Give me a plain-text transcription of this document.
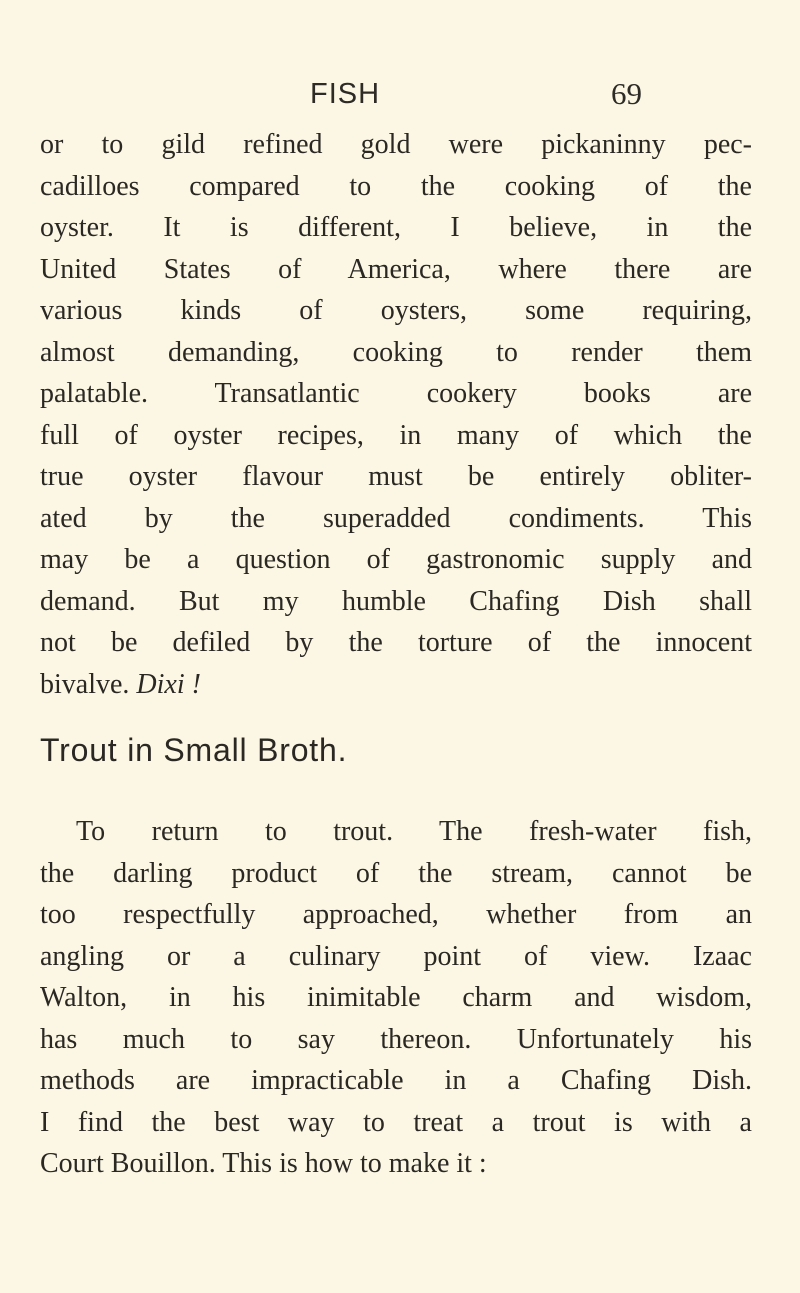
FISH	69
or to gild refined gold were pickaninny pec-
cadilloes compared to the cooking of the
oyster. It is different, I believe, in the
United States of America, where there are
various kinds of oysters, some requiring,
almost demanding, cooking to render them
palatable. Transatlantic cookery books are
full of oyster recipes, in many of which the
true oyster flavour must be entirely obliter-
ated by the superadded condiments. This
may be a question of gastronomic supply and
demand. But my humble Chafing Dish shall
not be defiled by the torture of the innocent
bivalve. Dixi !
Trout in Small Broth.
To return to trout. The fresh-water fish,
the darling product of the stream, cannot be
too respectfully approached, whether from an
angling or a culinary point of view. Izaac
Walton, in his inimitable charm and wisdom,
has much to say thereon. Unfortunately his
methods are impracticable in a Chafing Dish.
I find the best way to treat a trout is with a
Court Bouillon. This is how to make it :
